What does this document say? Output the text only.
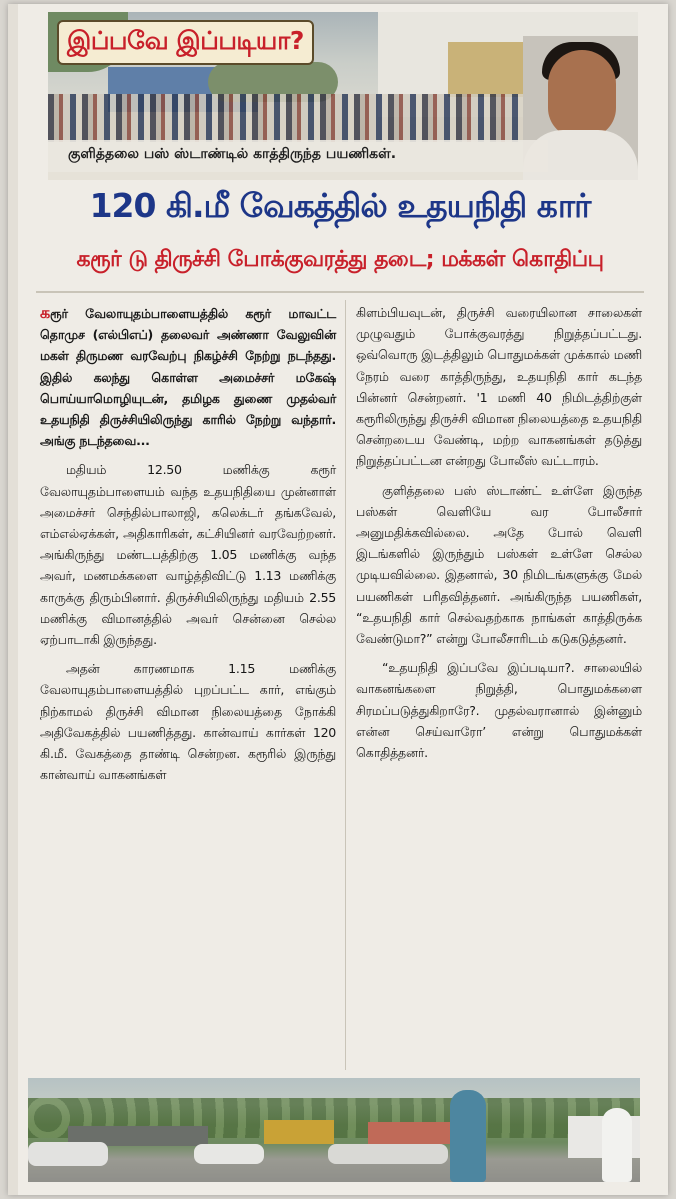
இப்பவே இப்படியா?
குளித்தலை பஸ் ஸ்டாண்டில் காத்திருந்த பயணிகள்.
120 கி.மீ வேகத்தில் உதயநிதி கார்
கரூர் டு திருச்சி போக்குவரத்து தடை; மக்கள் கொதிப்பு

கரூர் வேலாயுதம்பாளையத்தில் கரூர் மாவட்ட தொமுச (எல்பிஎப்) தலைவர் அண்ணா வேலுவின் மகள் திருமண வரவேற்பு நிகழ்ச்சி நேற்று நடந்தது. இதில் கலந்து கொள்ள அமைச்சர் மகேஷ் பொய்யாமொழியுடன், தமிழக துணை முதல்வர் உதயநிதி திருச்சியிலிருந்து காரில் நேற்று வந்தார். அங்கு நடந்தவை...

மதியம் 12.50 மணிக்கு கரூர் வேலாயுதம்பாளையம் வந்த உதயநிதியை முன்னாள் அமைச்சர் செந்தில்பாலாஜி, கலெக்டர் தங்கவேல், எம்எல்ஏக்கள், அதிகாரிகள், கட்சியினர் வரவேற்றனர். அங்கிருந்து மண்டபத்திற்கு 1.05 மணிக்கு வந்த அவர், மணமக்களை வாழ்த்திவிட்டு 1.13 மணிக்கு காருக்கு திரும்பினார். திருச்சியிலிருந்து மதியம் 2.55 மணிக்கு விமானத்தில் அவர் சென்னை செல்ல ஏற்பாடாகி இருந்தது.

அதன் காரணமாக 1.15 மணிக்கு வேலாயுதம்பாளையத்தில் புறப்பட்ட கார், எங்கும் நிற்காமல் திருச்சி விமான நிலையத்தை நோக்கி அதிவேகத்தில் பயணித்தது. கான்வாய் கார்கள் 120 கி.மீ. வேகத்தை தாண்டி சென்றன. கரூரில் இருந்து கான்வாய் வாகனங்கள்

கிளம்பியவுடன், திருச்சி வரையிலான சாலைகள் முழுவதும் போக்குவரத்து நிறுத்தப்பட்டது. ஒவ்வொரு இடத்திலும் பொதுமக்கள் முக்கால் மணி நேரம் வரை காத்திருந்து, உதயநிதி கார் கடந்த பின்னர் சென்றனர். '1 மணி 40 நிமிடத்திற்குள் கரூரிலிருந்து திருச்சி விமான நிலையத்தை உதயநிதி சென்றடைய வேண்டி, மற்ற வாகனங்கள் தடுத்து நிறுத்தப்பட்டன என்றது போலீஸ் வட்டாரம்.

குளித்தலை பஸ் ஸ்டாண்ட் உள்ளே இருந்த பஸ்கள் வெளியே வர போலீசார் அனுமதிக்கவில்லை. அதே போல் வெளி இடங்களில் இருந்தும் பஸ்கள் உள்ளே செல்ல முடியவில்லை. இதனால், 30 நிமிடங்களுக்கு மேல் பயணிகள் பரிதவித்தனர். அங்கிருந்த பயணிகள், “உதயநிதி கார் செல்வதற்காக நாங்கள் காத்திருக்க வேண்டுமா?” என்று போலீசாரிடம் கடுகடுத்தனர்.

“உதயநிதி இப்பவே இப்படியா?. சாலையில் வாகனங்களை நிறுத்தி, பொதுமக்களை சிரமப்படுத்துகிறாரே?. முதல்வரானால் இன்னும் என்ன செய்வாரோ’ என்று பொதுமக்கள் கொதித்தனர்.
